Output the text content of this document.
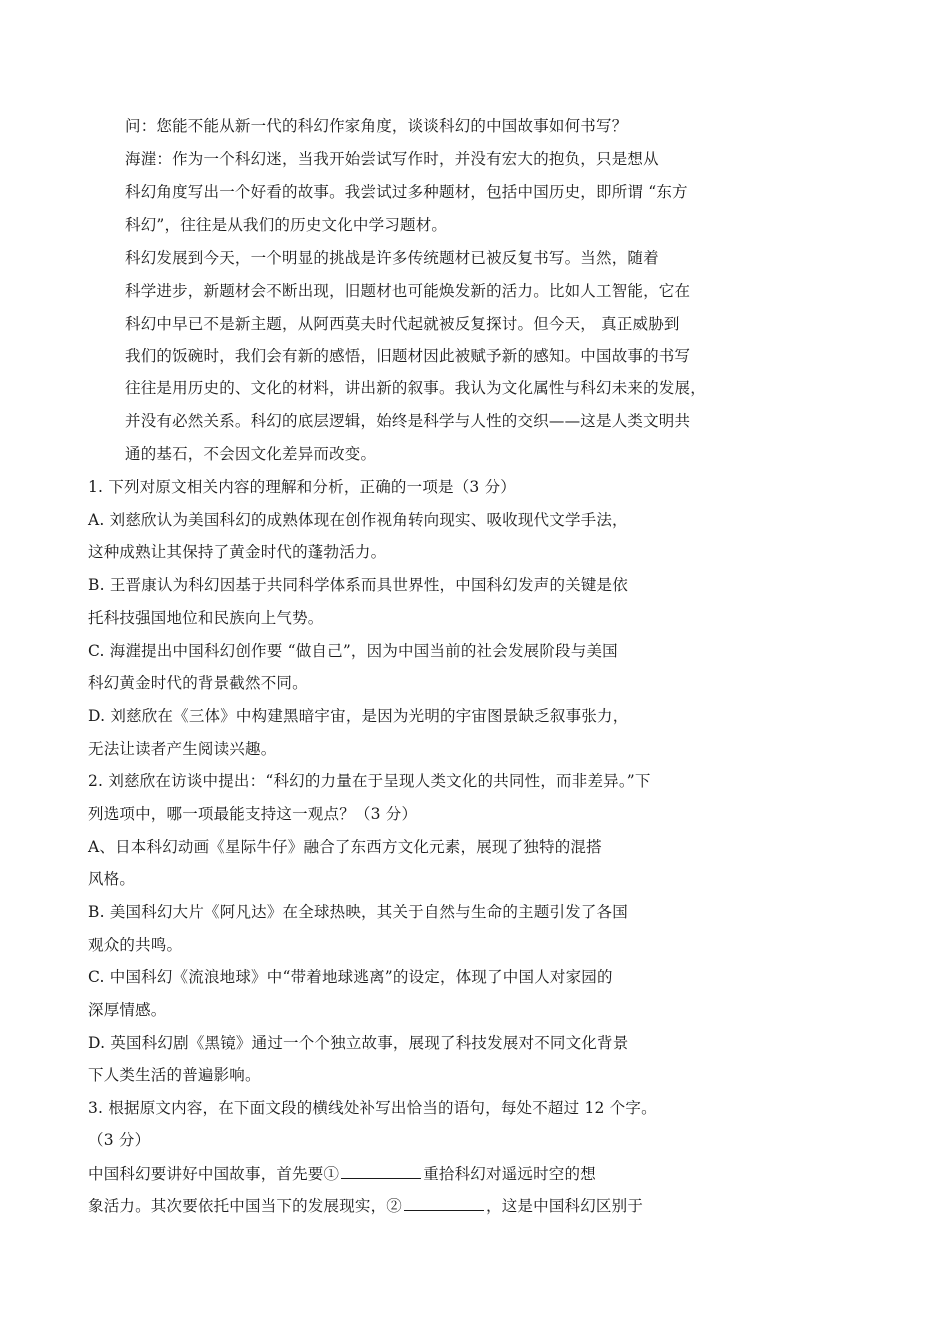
问：您能不能从新一代的科幻作家角度，谈谈科幻的中国故事如何书写？
海漄：作为一个科幻迷，当我开始尝试写作时，并没有宏大的抱负，只是想从
科幻角度写出一个好看的故事。我尝试过多种题材，包括中国历史，即所谓 “东方
科幻”，往往是从我们的历史文化中学习题材。
科幻发展到今天，一个明显的挑战是许多传统题材已被反复书写。当然，随着
科学进步，新题材会不断出现，旧题材也可能焕发新的活力。比如人工智能，它在
科幻中早已不是新主题，从阿西莫夫时代起就被反复探讨。但今天， 真正威胁到
我们的饭碗时，我们会有新的感悟，旧题材因此被赋予新的感知。中国故事的书写
往往是用历史的、文化的材料，讲出新的叙事。我认为文化属性与科幻未来的发展，
并没有必然关系。科幻的底层逻辑，始终是科学与人性的交织——这是人类文明共
通的基石，不会因文化差异而改变。
1. 下列对原文相关内容的理解和分析，正确的一项是（3 分）
A. 刘慈欣认为美国科幻的成熟体现在创作视角转向现实、吸收现代文学手法，
这种成熟让其保持了黄金时代的蓬勃活力。
B. 王晋康认为科幻因基于共同科学体系而具世界性，中国科幻发声的关键是依
托科技强国地位和民族向上气势。
C. 海漄提出中国科幻创作要 “做自己”，因为中国当前的社会发展阶段与美国
科幻黄金时代的背景截然不同。
D. 刘慈欣在《三体》中构建黑暗宇宙，是因为光明的宇宙图景缺乏叙事张力，
无法让读者产生阅读兴趣。
2. 刘慈欣在访谈中提出：“科幻的力量在于呈现人类文化的共同性，而非差异。”下
列选项中，哪一项最能支持这一观点？（3 分）
A、日本科幻动画《星际牛仔》融合了东西方文化元素，展现了独特的混搭
风格。
B. 美国科幻大片《阿凡达》在全球热映，其关于自然与生命的主题引发了各国
观众的共鸣。
C. 中国科幻《流浪地球》中“带着地球逃离”的设定，体现了中国人对家园的
深厚情感。
D. 英国科幻剧《黑镜》通过一个个独立故事，展现了科技发展对不同文化背景
下人类生活的普遍影响。
3. 根据原文内容，在下面文段的横线处补写出恰当的语句，每处不超过 12 个字。
（3 分）
中国科幻要讲好中国故事，首先要①	重拾科幻对遥远时空的想
象活力。其次要依托中国当下的发展现实，②	，这是中国科幻区别于
